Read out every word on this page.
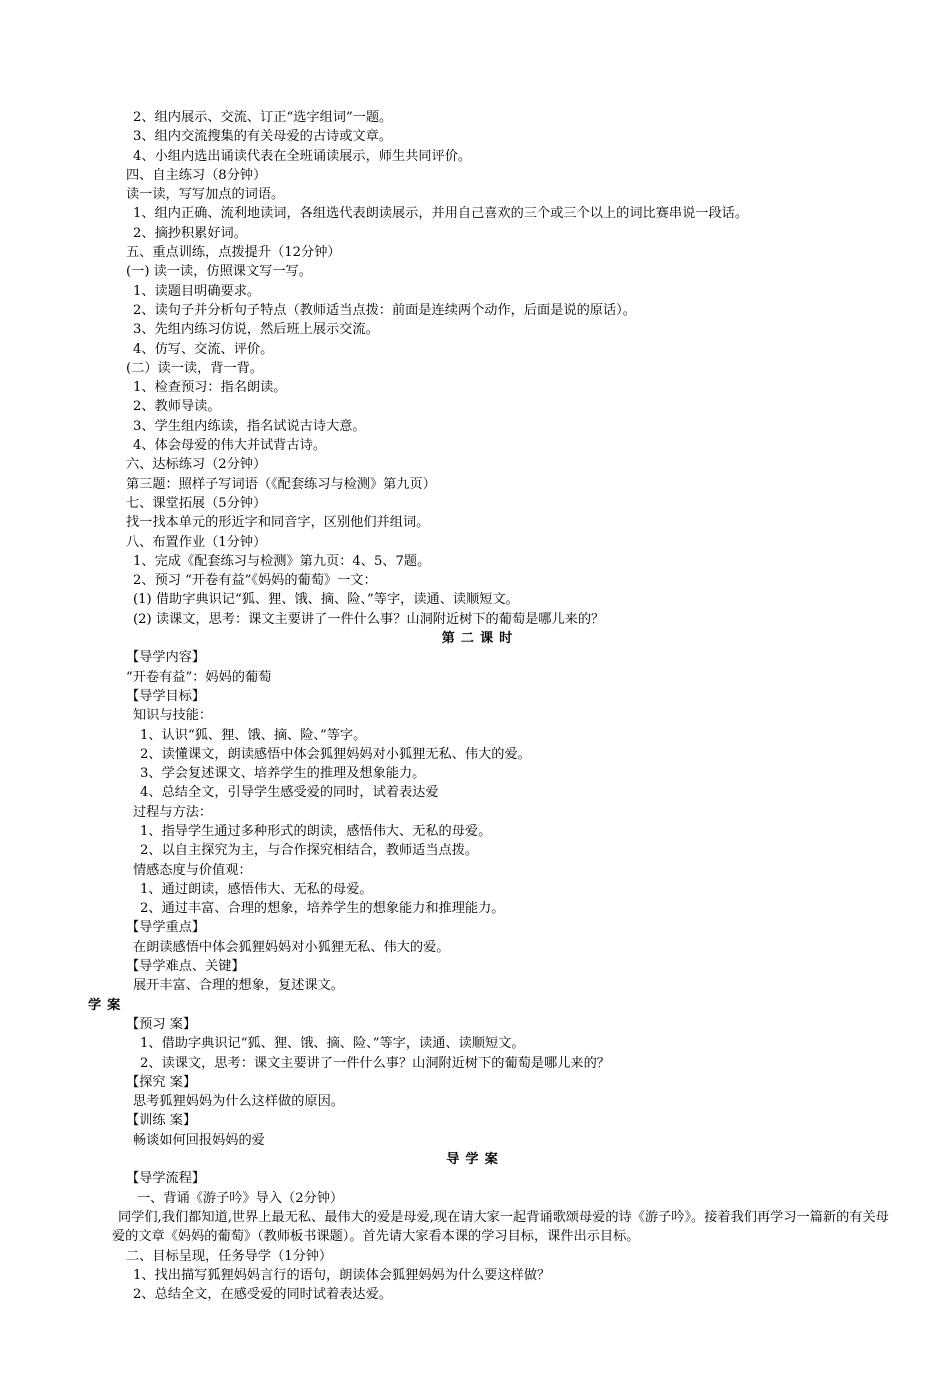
2、组内展示、交流、订正“选字组词”一题。
3、组内交流搜集的有关母爱的古诗或文章。
4、小组内选出诵读代表在全班诵读展示，师生共同评价。
四、自主练习（8分钟）
读一读，写写加点的词语。
1、组内正确、流利地读词，各组选代表朗读展示，并用自己喜欢的三个或三个以上的词比赛串说一段话。
2、摘抄积累好词。
五、重点训练，点拨提升（12分钟）
(一) 读一读，仿照课文写一写。
1、读题目明确要求。
2、读句子并分析句子特点（教师适当点拨：前面是连续两个动作，后面是说的原话）。
3、先组内练习仿说，然后班上展示交流。
4、仿写、交流、评价。
(二）读一读，背一背。
1、检查预习：指名朗读。
2、教师导读。
3、学生组内练读，指名试说古诗大意。
4、体会母爱的伟大并试背古诗。
六、达标练习（2分钟）
第三题：照样子写词语（《配套练习与检测》第九页）
七、课堂拓展（5分钟）
找一找本单元的形近字和同音字，区别他们并组词。
八、布置作业（1分钟）
1、完成《配套练习与检测》第九页：4、5、7题。
2、预习 “开卷有益”《妈妈的葡萄》一文：
(1) 借助字典识记“狐、狸、饿、摘、险、”等字，读通、读顺短文。
(2) 读课文，思考：课文主要讲了一件什么事？山洞附近树下的葡萄是哪儿来的？
第二课时
【导学内容】
“开卷有益”：妈妈的葡萄
【导学目标】
知识与技能：
1、认识“狐、狸、饿、摘、险、”等字。
2、读懂课文，朗读感悟中体会狐狸妈妈对小狐狸无私、伟大的爱。
3、学会复述课文、培养学生的推理及想象能力。
4、总结全文，引导学生感受爱的同时，试着表达爱
过程与方法：
1、指导学生通过多种形式的朗读，感悟伟大、无私的母爱。
2、以自主探究为主，与合作探究相结合，教师适当点拨。
情感态度与价值观：
1、通过朗读，感悟伟大、无私的母爱。
2、通过丰富、合理的想象，培养学生的想象能力和推理能力。
【导学重点】
在朗读感悟中体会狐狸妈妈对小狐狸无私、伟大的爱。
【导学难点、关键】
展开丰富、合理的想象，复述课文。
学案
【预习 案】
1、借助字典识记“狐、狸、饿、摘、险、”等字，读通、读顺短文。
2、读课文，思考：课文主要讲了一件什么事？山洞附近树下的葡萄是哪儿来的？
【探究 案】
思考狐狸妈妈为什么这样做的原因。
【训练 案】
畅谈如何回报妈妈的爱
导学案
【导学流程】
一、背诵《游子吟》导入（2分钟）
同学们,我们都知道,世界上最无私、最伟大的爱是母爱,现在请大家一起背诵歌颂母爱的诗《游子吟》。接着我们再学习一篇新的有关母爱的文章《妈妈的葡萄》（教师板书课题）。首先请大家看本课的学习目标，课件出示目标。
二、目标呈现，任务导学（1分钟）
1、找出描写狐狸妈妈言行的语句，朗读体会狐狸妈妈为什么要这样做？
2、总结全文，在感受爱的同时试着表达爱。
